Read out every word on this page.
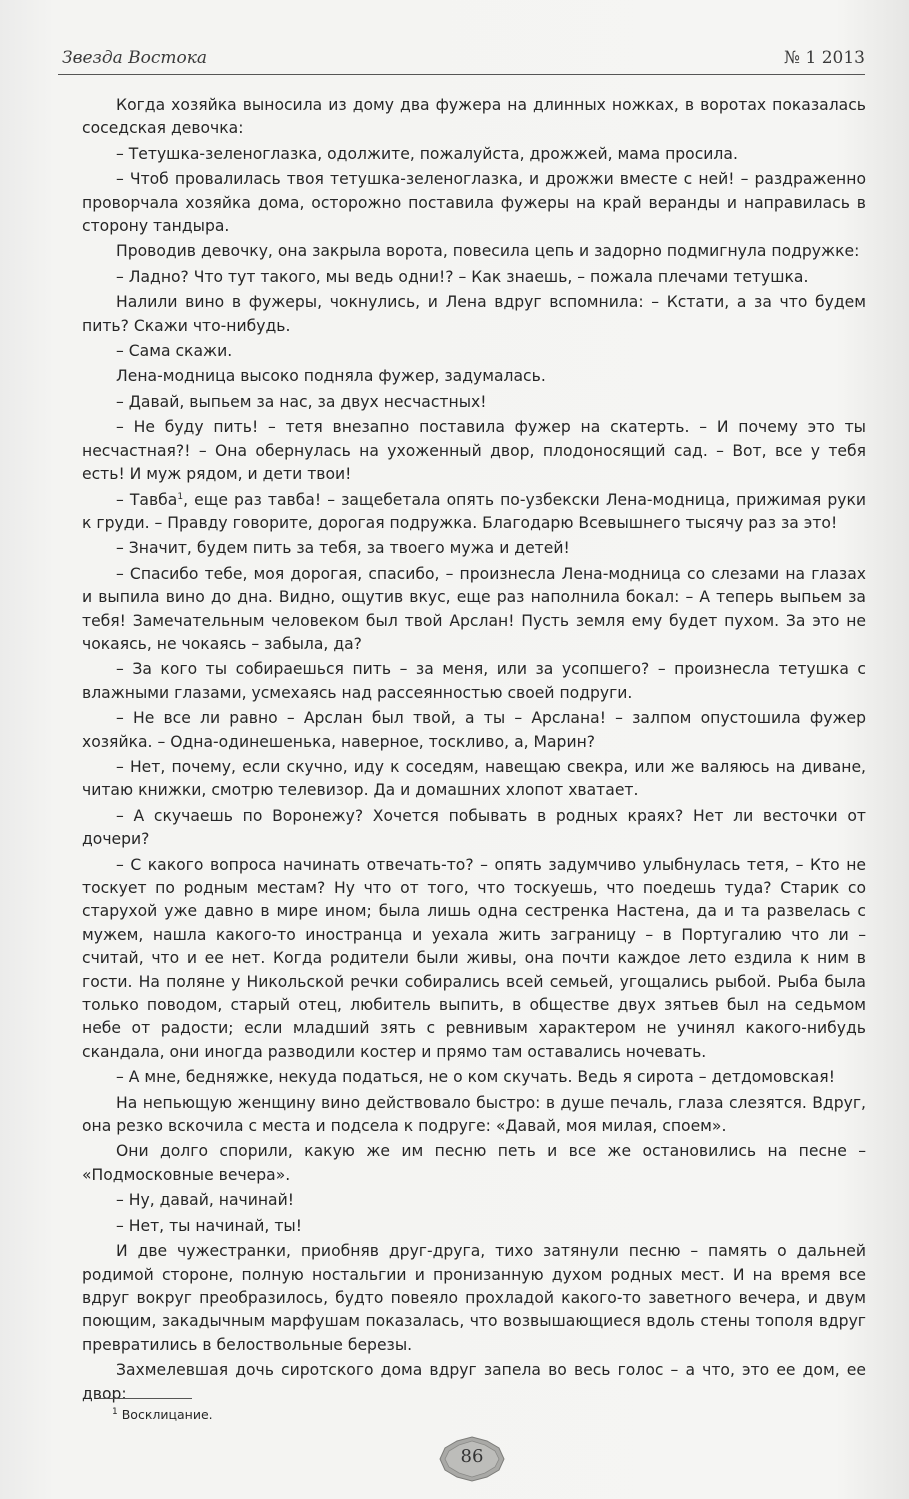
Звезда Востока	№ 1 2013

Когда хозяйка выносила из дому два фужера на длинных ножках, в воротах показалась соседская девочка:

– Тетушка-зеленоглазка, одолжите, пожалуйста, дрожжей, мама просила.

– Чтоб провалилась твоя тетушка-зеленоглазка, и дрожжи вместе с ней! – раздраженно проворчала хозяйка дома, осторожно поставила фужеры на край веранды и направилась в сторону тандыра.

Проводив девочку, она закрыла ворота, повесила цепь и задорно подмигнула подружке:

– Ладно? Что тут такого, мы ведь одни!? – Как знаешь, – пожала плечами тетушка.

Налили вино в фужеры, чокнулись, и Лена вдруг вспомнила: – Кстати, а за что будем пить? Скажи что-нибудь.

– Сама скажи.

Лена-модница высоко подняла фужер, задумалась.

– Давай, выпьем за нас, за двух несчастных!

– Не буду пить! – тетя внезапно поставила фужер на скатерть. – И почему это ты несчастная?! – Она обернулась на ухоженный двор, плодоносящий сад. – Вот, все у тебя есть! И муж рядом, и дети твои!

– Тавба$^1$, еще раз тавба! – защебетала опять по-узбекски Лена-модница, прижимая руки к груди. – Правду говорите, дорогая подружка. Благодарю Всевышнего тысячу раз за это!

– Значит, будем пить за тебя, за твоего мужа и детей!

– Спасибо тебе, моя дорогая, спасибо, – произнесла Лена-модница со слезами на глазах и выпила вино до дна. Видно, ощутив вкус, еще раз наполнила бокал: – А теперь выпьем за тебя! Замечательным человеком был твой Арслан! Пусть земля ему будет пухом. За это не чокаясь, не чокаясь – забыла, да?

– За кого ты собираешься пить – за меня, или за усопшего? – произнесла тетушка с влажными глазами, усмехаясь над рассеянностью своей подруги.

– Не все ли равно – Арслан был твой, а ты – Арслана! – залпом опустошила фужер хозяйка. – Одна-одинешенька, наверное, тоскливо, а, Марин?

– Нет, почему, если скучно, иду к соседям, навещаю свекра, или же валяюсь на диване, читаю книжки, смотрю телевизор. Да и домашних хлопот хватает.

– А скучаешь по Воронежу? Хочется побывать в родных краях? Нет ли весточки от дочери?

– С какого вопроса начинать отвечать-то? – опять задумчиво улыбнулась тетя, – Кто не тоскует по родным местам? Ну что от того, что тоскуешь, что поедешь туда? Старик со старухой уже давно в мире ином; была лишь одна сестренка Настена, да и та развелась с мужем, нашла какого-то иностранца и уехала жить заграницу – в Португалию что ли – считай, что и ее нет. Когда родители были живы, она почти каждое лето ездила к ним в гости. На поляне у Никольской речки собирались всей семьей, угощались рыбой. Рыба была только поводом, старый отец, любитель выпить, в обществе двух зятьев был на седьмом небе от радости; если младший зять с ревнивым характером не учинял какого-нибудь скандала, они иногда разводили костер и прямо там оставались ночевать.

– А мне, бедняжке, некуда податься, не о ком скучать. Ведь я сирота – детдомовская!

На непьющую женщину вино действовало быстро: в душе печаль, глаза слезятся. Вдруг, она резко вскочила с места и подсела к подруге: «Давай, моя милая, споем».

Они долго спорили, какую же им песню петь и все же остановились на песне – «Подмосковные вечера».

– Ну, давай, начинай!

– Нет, ты начинай, ты!

И две чужестранки, приобняв друг-друга, тихо затянули песню – память о дальней родимой стороне, полную ностальгии и пронизанную духом родных мест. И на время все вдруг вокруг преобразилось, будто повеяло прохладой какого-то заветного вечера, и двум поющим, закадычным марфушам показалась, что возвышающиеся вдоль стены тополя вдруг превратились в белоствольные березы.

Захмелевшая дочь сиротского дома вдруг запела во весь голос – а что, это ее дом, ее двор:

$^1$ Восклицание.
86
